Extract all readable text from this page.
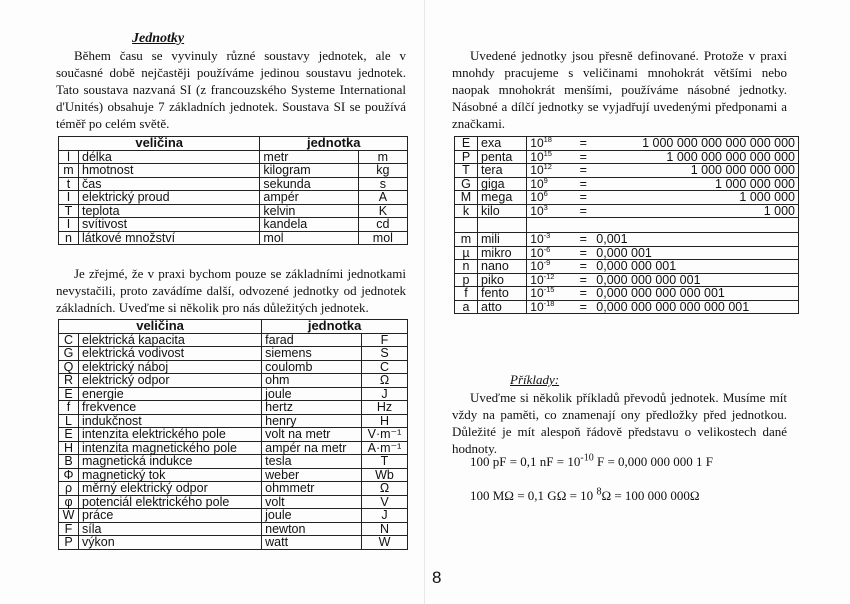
Jednotky
Během času se vyvinuly různé soustavy jednotek, ale v současné době nejčastěji používáme jedinou soustavu jednotek. Tato soustava nazvaná SI (z francouzského Systeme International d'Unités) obsahuje 7 základních jednotek. Soustava SI se používá téměř po celém světě.
veličina		jednotka	
l	délka	metr	m
m	hmotnost	kilogram	kg
t	čas	sekunda	s
I	elektrický proud	ampér	A
T	teplota	kelvin	K
I	svítivost	kandela	cd
n	látkové množství	mol	mol
Je zřejmé, že v praxi bychom pouze se základními jednotkami nevystačili, proto zavádíme další, odvozené jednotky od jednotek základních. Uveďme si několik pro nás důležitých jednotek.
veličina		jednotka	
C	elektrická kapacita	farad	F
G	elektrická vodivost	siemens	S
Q	elektrický náboj	coulomb	C
R	elektrický odpor	ohm	Ω
E	energie	joule	J
f	frekvence	hertz	Hz
L	indukčnost	henry	H
E	intenzita elektrického pole	volt na metr	V·m⁻¹
H	intenzita magnetického pole	ampér na metr	A·m⁻¹
B	magnetická indukce	tesla	T
Φ	magnetický tok	weber	Wb
ρ	měrný elektrický odpor	ohmmetr	Ω
φ	potenciál elektrického pole	volt	V
W	práce	joule	J
F	síla	newton	N
P	výkon	watt	W
Uvedené jednotky jsou přesně definované. Protože v praxi mnohdy pracujeme s veličinami mnohokrát většími nebo naopak mnohokrát menšími, používáme násobné jednotky. Násobné a dílčí jednotky se vyjadřují uvedenými předponami a značkami.
E	exa	$10^{18}$	=	1 000 000 000 000 000 000
P	penta	$10^{15}$	=	1 000 000 000 000 000
T	tera	$10^{12}$	=	1 000 000 000 000
G	giga	$10^9$	=	1 000 000 000
M	mega	$10^6$	=	1 000 000
k	kilo	$10^3$	=	1 000

m	mili	$10^{-3}$	=	0,001
µ	mikro	$10^{-6}$	=	0,000 001
n	nano	$10^{-9}$	=	0,000 000 001
p	piko	$10^{-12}$	=	0,000 000 000 001
f	fento	$10^{-15}$	=	0,000 000 000 000 001
a	atto	$10^{-18}$	=	0,000 000 000 000 000 001
Příklady:
Uveďme si několik příkladů převodů jednotek. Musíme mít vždy na paměti, co znamenají ony předložky před jednotkou. Důležité je mít alespoň řádově představu o velikostech dané hodnoty.
100 pF = 0,1 nF = $10^{-10}$ F = 0,000 000 000 1 F
100 MΩ = 0,1 GΩ = 10 $^8$Ω = 100 000 000Ω
8
